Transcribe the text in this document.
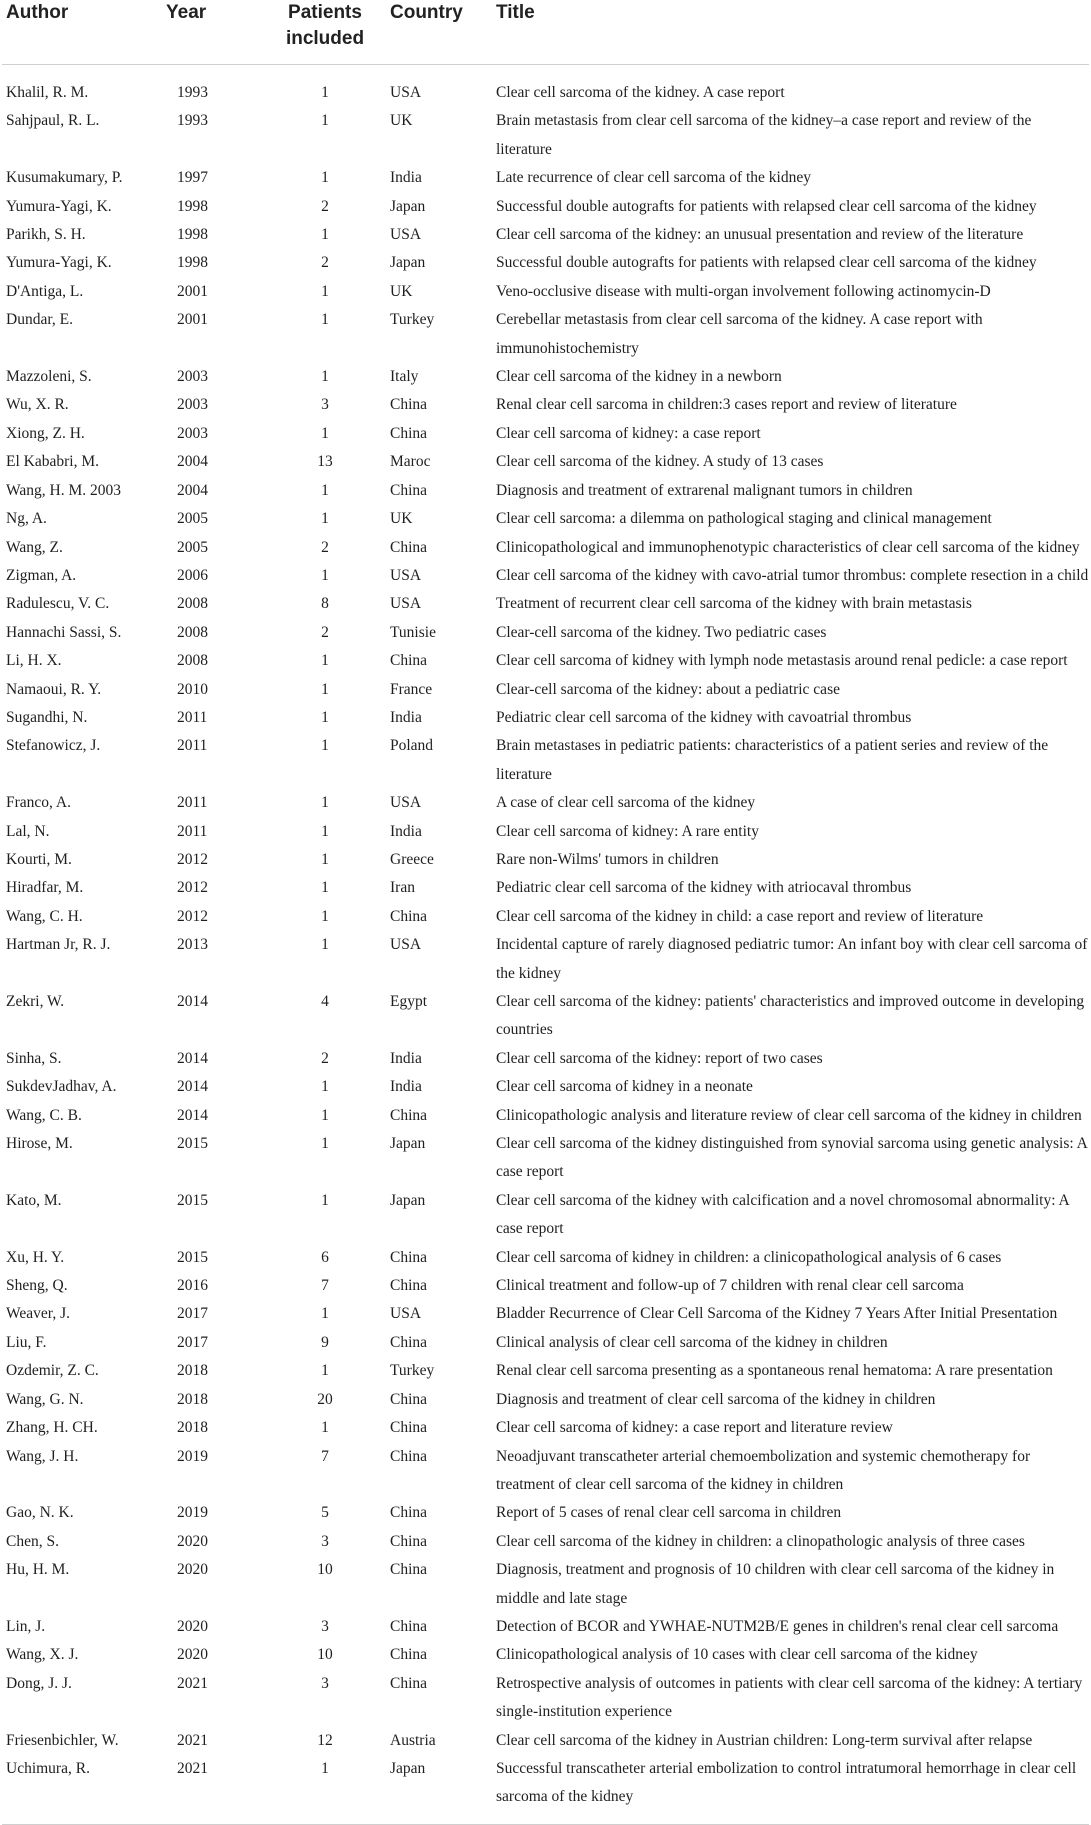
Author	Year	Patients included	Country	Title
Khalil, R. M.	1993	1	USA	Clear cell sarcoma of the kidney. A case report
Sahjpaul, R. L.	1993	1	UK	Brain metastasis from clear cell sarcoma of the kidney–a case report and review of the literature
Kusumakumary, P.	1997	1	India	Late recurrence of clear cell sarcoma of the kidney
Yumura-Yagi, K.	1998	2	Japan	Successful double autografts for patients with relapsed clear cell sarcoma of the kidney
Parikh, S. H.	1998	1	USA	Clear cell sarcoma of the kidney: an unusual presentation and review of the literature
Yumura-Yagi, K.	1998	2	Japan	Successful double autografts for patients with relapsed clear cell sarcoma of the kidney
D'Antiga, L.	2001	1	UK	Veno-occlusive disease with multi-organ involvement following actinomycin-D
Dundar, E.	2001	1	Turkey	Cerebellar metastasis from clear cell sarcoma of the kidney. A case report with immunohistochemistry
Mazzoleni, S.	2003	1	Italy	Clear cell sarcoma of the kidney in a newborn
Wu, X. R.	2003	3	China	Renal clear cell sarcoma in children:3 cases report and review of literature
Xiong, Z. H.	2003	1	China	Clear cell sarcoma of kidney: a case report
El Kababri, M.	2004	13	Maroc	Clear cell sarcoma of the kidney. A study of 13 cases
Wang, H. M. 2003	2004	1	China	Diagnosis and treatment of extrarenal malignant tumors in children
Ng, A.	2005	1	UK	Clear cell sarcoma: a dilemma on pathological staging and clinical management
Wang, Z.	2005	2	China	Clinicopathological and immunophenotypic characteristics of clear cell sarcoma of the kidney
Zigman, A.	2006	1	USA	Clear cell sarcoma of the kidney with cavo-atrial tumor thrombus: complete resection in a child
Radulescu, V. C.	2008	8	USA	Treatment of recurrent clear cell sarcoma of the kidney with brain metastasis
Hannachi Sassi, S.	2008	2	Tunisie	Clear-cell sarcoma of the kidney. Two pediatric cases
Li, H. X.	2008	1	China	Clear cell sarcoma of kidney with lymph node metastasis around renal pedicle: a case report
Namaoui, R. Y.	2010	1	France	Clear-cell sarcoma of the kidney: about a pediatric case
Sugandhi, N.	2011	1	India	Pediatric clear cell sarcoma of the kidney with cavoatrial thrombus
Stefanowicz, J.	2011	1	Poland	Brain metastases in pediatric patients: characteristics of a patient series and review of the literature
Franco, A.	2011	1	USA	A case of clear cell sarcoma of the kidney
Lal, N.	2011	1	India	Clear cell sarcoma of kidney: A rare entity
Kourti, M.	2012	1	Greece	Rare non-Wilms' tumors in children
Hiradfar, M.	2012	1	Iran	Pediatric clear cell sarcoma of the kidney with atriocaval thrombus
Wang, C. H.	2012	1	China	Clear cell sarcoma of the kidney in child: a case report and review of literature
Hartman Jr, R. J.	2013	1	USA	Incidental capture of rarely diagnosed pediatric tumor: An infant boy with clear cell sarcoma of the kidney
Zekri, W.	2014	4	Egypt	Clear cell sarcoma of the kidney: patients' characteristics and improved outcome in developing countries
Sinha, S.	2014	2	India	Clear cell sarcoma of the kidney: report of two cases
SukdevJadhav, A.	2014	1	India	Clear cell sarcoma of kidney in a neonate
Wang, C. B.	2014	1	China	Clinicopathologic analysis and literature review of clear cell sarcoma of the kidney in children
Hirose, M.	2015	1	Japan	Clear cell sarcoma of the kidney distinguished from synovial sarcoma using genetic analysis: A case report
Kato, M.	2015	1	Japan	Clear cell sarcoma of the kidney with calcification and a novel chromosomal abnormality: A case report
Xu, H. Y.	2015	6	China	Clear cell sarcoma of kidney in children: a clinicopathological analysis of 6 cases
Sheng, Q.	2016	7	China	Clinical treatment and follow-up of 7 children with renal clear cell sarcoma
Weaver, J.	2017	1	USA	Bladder Recurrence of Clear Cell Sarcoma of the Kidney 7 Years After Initial Presentation
Liu, F.	2017	9	China	Clinical analysis of clear cell sarcoma of the kidney in children
Ozdemir, Z. C.	2018	1	Turkey	Renal clear cell sarcoma presenting as a spontaneous renal hematoma: A rare presentation
Wang, G. N.	2018	20	China	Diagnosis and treatment of clear cell sarcoma of the kidney in children
Zhang, H. CH.	2018	1	China	Clear cell sarcoma of kidney: a case report and literature review
Wang, J. H.	2019	7	China	Neoadjuvant transcatheter arterial chemoembolization and systemic chemotherapy for treatment of clear cell sarcoma of the kidney in children
Gao, N. K.	2019	5	China	Report of 5 cases of renal clear cell sarcoma in children
Chen, S.	2020	3	China	Clear cell sarcoma of the kidney in children: a clinopathologic analysis of three cases
Hu, H. M.	2020	10	China	Diagnosis, treatment and prognosis of 10 children with clear cell sarcoma of the kidney in middle and late stage
Lin, J.	2020	3	China	Detection of BCOR and YWHAE-NUTM2B/E genes in children's renal clear cell sarcoma
Wang, X. J.	2020	10	China	Clinicopathological analysis of 10 cases with clear cell sarcoma of the kidney
Dong, J. J.	2021	3	China	Retrospective analysis of outcomes in patients with clear cell sarcoma of the kidney: A tertiary single-institution experience
Friesenbichler, W.	2021	12	Austria	Clear cell sarcoma of the kidney in Austrian children: Long-term survival after relapse
Uchimura, R.	2021	1	Japan	Successful transcatheter arterial embolization to control intratumoral hemorrhage in clear cell sarcoma of the kidney
